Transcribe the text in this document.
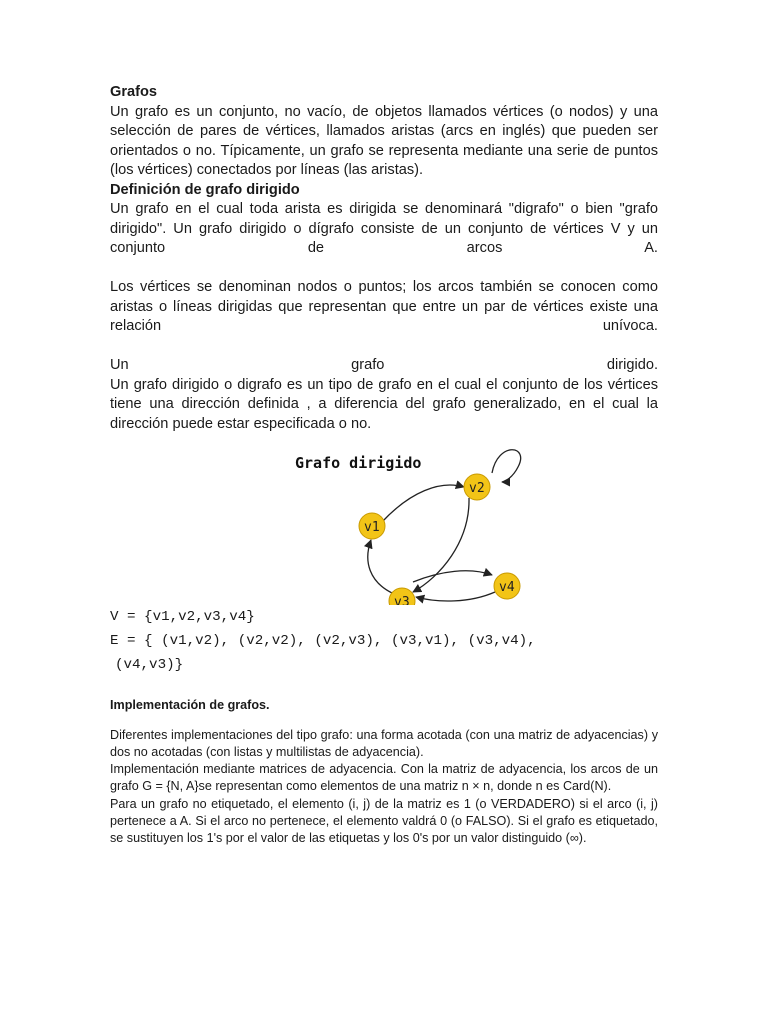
Grafos

Un grafo es un conjunto, no vacío, de objetos llamados vértices (o nodos) y una selección de pares de vértices, llamados aristas (arcs en inglés) que pueden ser orientados o no. Típicamente, un grafo se representa mediante una serie de puntos (los vértices) conectados por líneas (las aristas).

Definición de grafo dirigido

Un grafo en el cual toda arista es dirigida se denominará "digrafo" o bien "grafo dirigido". Un grafo dirigido o dígrafo consiste de un conjunto de vértices V y un conjunto de arcos A.

Los vértices se denominan nodos o puntos; los arcos también se conocen como aristas o líneas dirigidas que representan que entre un par de vértices existe una relación unívoca.

Un grafo dirigido.

Un grafo dirigido o digrafo es un tipo de grafo en el cual el conjunto de los vértices tiene una dirección definida , a diferencia del grafo generalizado, en el cual la dirección puede estar especificada o no.

Grafo dirigido
v1
v2
v3
v4

V = {v1,v2,v3,v4}

E = { (v1,v2), (v2,v2), (v2,v3), (v3,v1), (v3,v4),

(v4,v3)}

Implementación de grafos.

Diferentes implementaciones del tipo grafo: una forma acotada (con una matriz de adyacencias) y dos no acotadas (con listas y multilistas de adyacencia).

Implementación mediante matrices de adyacencia. Con la matriz de adyacencia, los arcos de un grafo G = {N, A}se representan como elementos de una matriz n × n, donde n es Card(N).

Para un grafo no etiquetado, el elemento (i, j) de la matriz es 1 (o VERDADERO) si el arco (i, j) pertenece a A. Si el arco no pertenece, el elemento valdrá 0 (o FALSO). Si el grafo es etiquetado, se sustituyen los 1's por el valor de las etiquetas y los 0's por un valor distinguido (∞).
